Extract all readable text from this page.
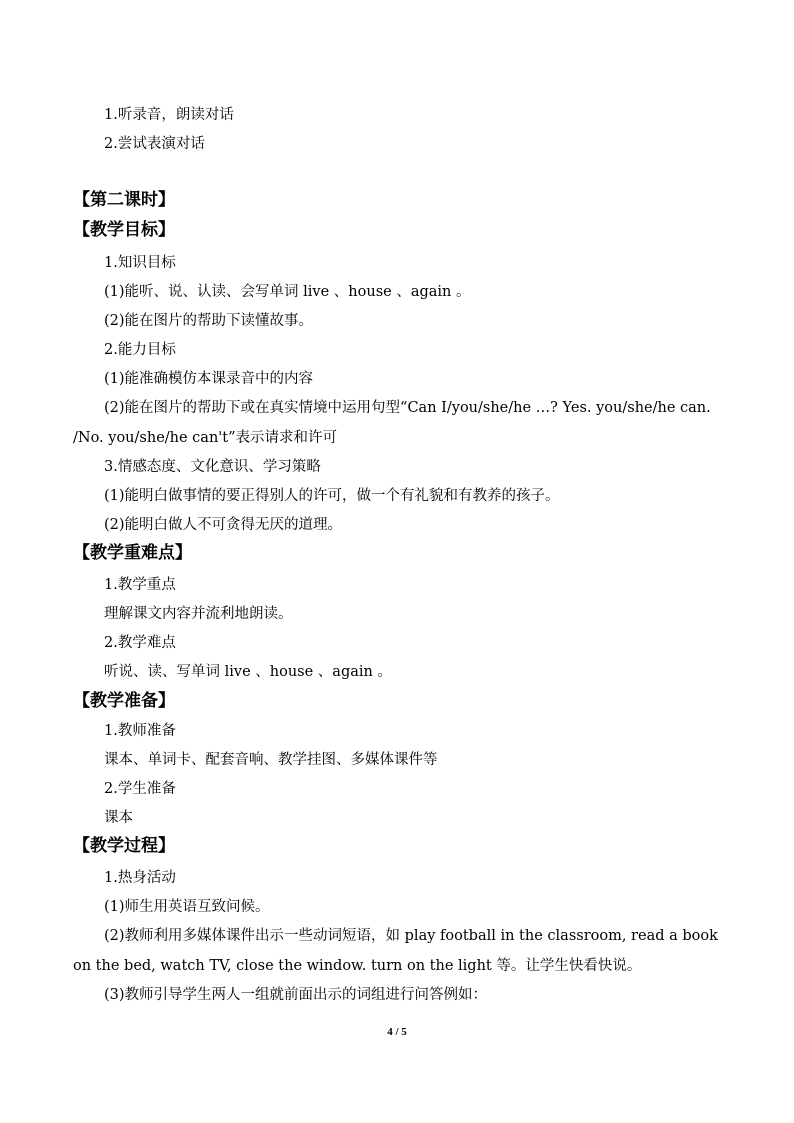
1.听录音，朗读对话
2.尝试表演对话
【第二课时】
【教学目标】
1.知识目标
(1)能听、说、认读、会写单词 live 、house 、again 。
(2)能在图片的帮助下读懂故事。
2.能力目标
(1)能准确模仿本课录音中的内容
(2)能在图片的帮助下或在真实情境中运用句型“Can I/you/she/he …? Yes. you/she/he can.
/No. you/she/he can't”表示请求和许可
3.情感态度、文化意识、学习策略
(1)能明白做事情的要正得别人的许可，做一个有礼貌和有教养的孩子。
(2)能明白做人不可贪得无厌的道理。
【教学重难点】
1.教学重点
理解课文内容并流利地朗读。
2.教学难点
听说、读、写单词 live 、house 、again 。
【教学准备】
1.教师准备
课本、单词卡、配套音响、教学挂图、多媒体课件等
2.学生准备
课本
【教学过程】
1.热身活动
(1)师生用英语互致问候。
(2)教师利用多媒体课件出示一些动词短语，如 play football in the classroom, read a book
on the bed, watch TV, close the window. turn on the light 等。让学生快看快说。
(3)教师引导学生两人一组就前面出示的词组进行问答例如：
4 / 5
